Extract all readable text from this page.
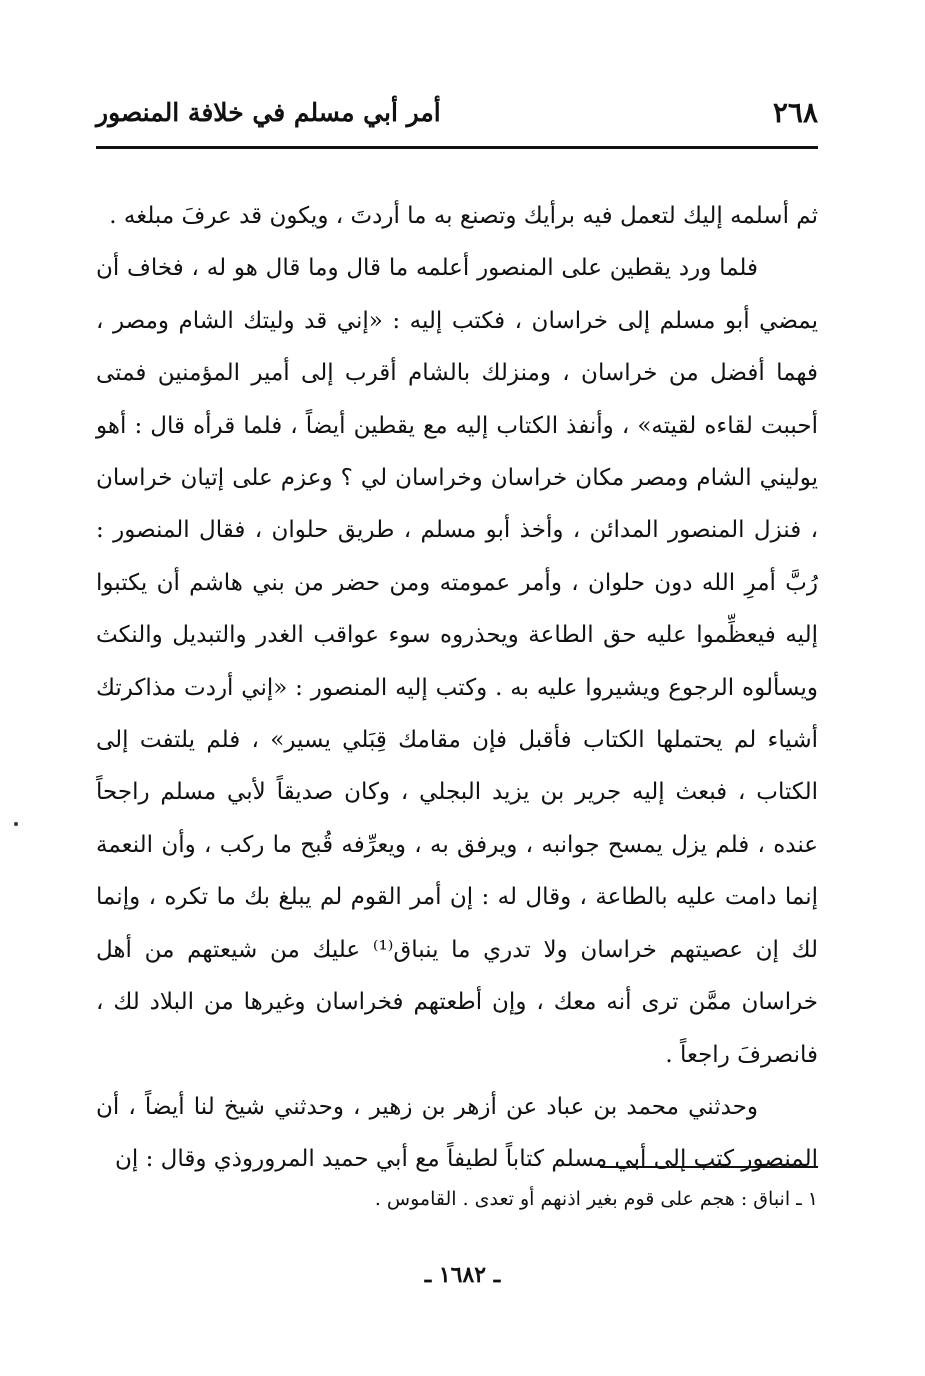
٢٦٨
أمر أبي مسلم في خلافة المنصور

ثم أسلمه إليك لتعمل فيه برأيك وتصنع به ما أردتَ ، ويكون قد عرفَ مبلغه .

فلما ورد يقطين على المنصور أعلمه ما قال وما قال هو له ، فخاف أن يمضي أبو مسلم إلى خراسان ، فكتب إليه : «إني قد وليتك الشام ومصر ، فهما أفضل من خراسان ، ومنزلك بالشام أقرب إلى أمير المؤمنين فمتى أحببت لقاءه لقيته» ، وأنفذ الكتاب إليه مع يقطين أيضاً ، فلما قرأه قال : أهو يوليني الشام ومصر مكان خراسان وخراسان لي ؟ وعزم على إتيان خراسان ، فنزل المنصور المدائن ، وأخذ أبو مسلم ، طريق حلوان ، فقال المنصور : رُبَّ أمرِ الله دون حلوان ، وأمر عمومته ومن حضر من بني هاشم أن يكتبوا إليه فيعظِّموا عليه حق الطاعة ويحذروه سوء عواقب الغدر والتبديل والنكث ويسألوه الرجوع ويشيروا عليه به . وكتب إليه المنصور : «إني أردت مذاكرتك أشياء لم يحتملها الكتاب فأقبل فإن مقامك قِبَلي يسير» ، فلم يلتفت إلى الكتاب ، فبعث إليه جرير بن يزيد البجلي ، وكان صديقاً لأبي مسلم راجحاً عنده ، فلم يزل يمسح جوانبه ، ويرفق به ، ويعرِّفه قُبح ما ركب ، وأن النعمة إنما دامت عليه بالطاعة ، وقال له : إن أمر القوم لم يبلغ بك ما تكره ، وإنما لك إن عصيتهم خراسان ولا تدري ما ينباق⁽¹⁾ عليك من شيعتهم من أهل خراسان ممَّن ترى أنه معك ، وإن أطعتهم فخراسان وغيرها من البلاد لك ، فانصرفَ راجعاً .

وحدثني محمد بن عباد عن أزهر بن زهير ، وحدثني شيخ لنا أيضاً ، أن المنصور كتب إلى أبي مسلم كتاباً لطيفاً مع أبي حميد المروروذي وقال : إن

١ ـ انباق : هجم على قوم بغير اذنهم أو تعدى . القاموس .
ـ ١٦٨٢ ـ
